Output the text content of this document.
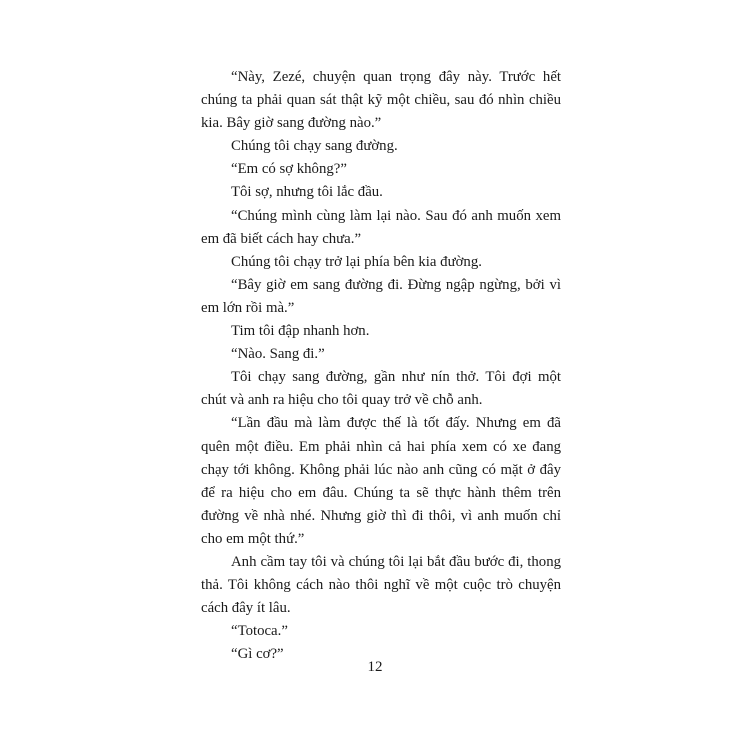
“Này, Zezé, chuyện quan trọng đây này. Trước hết chúng ta phải quan sát thật kỹ một chiều, sau đó nhìn chiều kia. Bây giờ sang đường nào.”

Chúng tôi chạy sang đường.

“Em có sợ không?”

Tôi sợ, nhưng tôi lắc đầu.

“Chúng mình cùng làm lại nào. Sau đó anh muốn xem em đã biết cách hay chưa.”

Chúng tôi chạy trở lại phía bên kia đường.

“Bây giờ em sang đường đi. Đừng ngập ngừng, bởi vì em lớn rồi mà.”

Tim tôi đập nhanh hơn.

“Nào. Sang đi.”

Tôi chạy sang đường, gần như nín thở. Tôi đợi một chút và anh ra hiệu cho tôi quay trở về chỗ anh.

“Lần đầu mà làm được thế là tốt đấy. Nhưng em đã quên một điều. Em phải nhìn cả hai phía xem có xe đang chạy tới không. Không phải lúc nào anh cũng có mặt ở đây để ra hiệu cho em đâu. Chúng ta sẽ thực hành thêm trên đường về nhà nhé. Nhưng giờ thì đi thôi, vì anh muốn chỉ cho em một thứ.”

Anh cầm tay tôi và chúng tôi lại bắt đầu bước đi, thong thả. Tôi không cách nào thôi nghĩ về một cuộc trò chuyện cách đây ít lâu.

“Totoca.”

“Gì cơ?”

12
